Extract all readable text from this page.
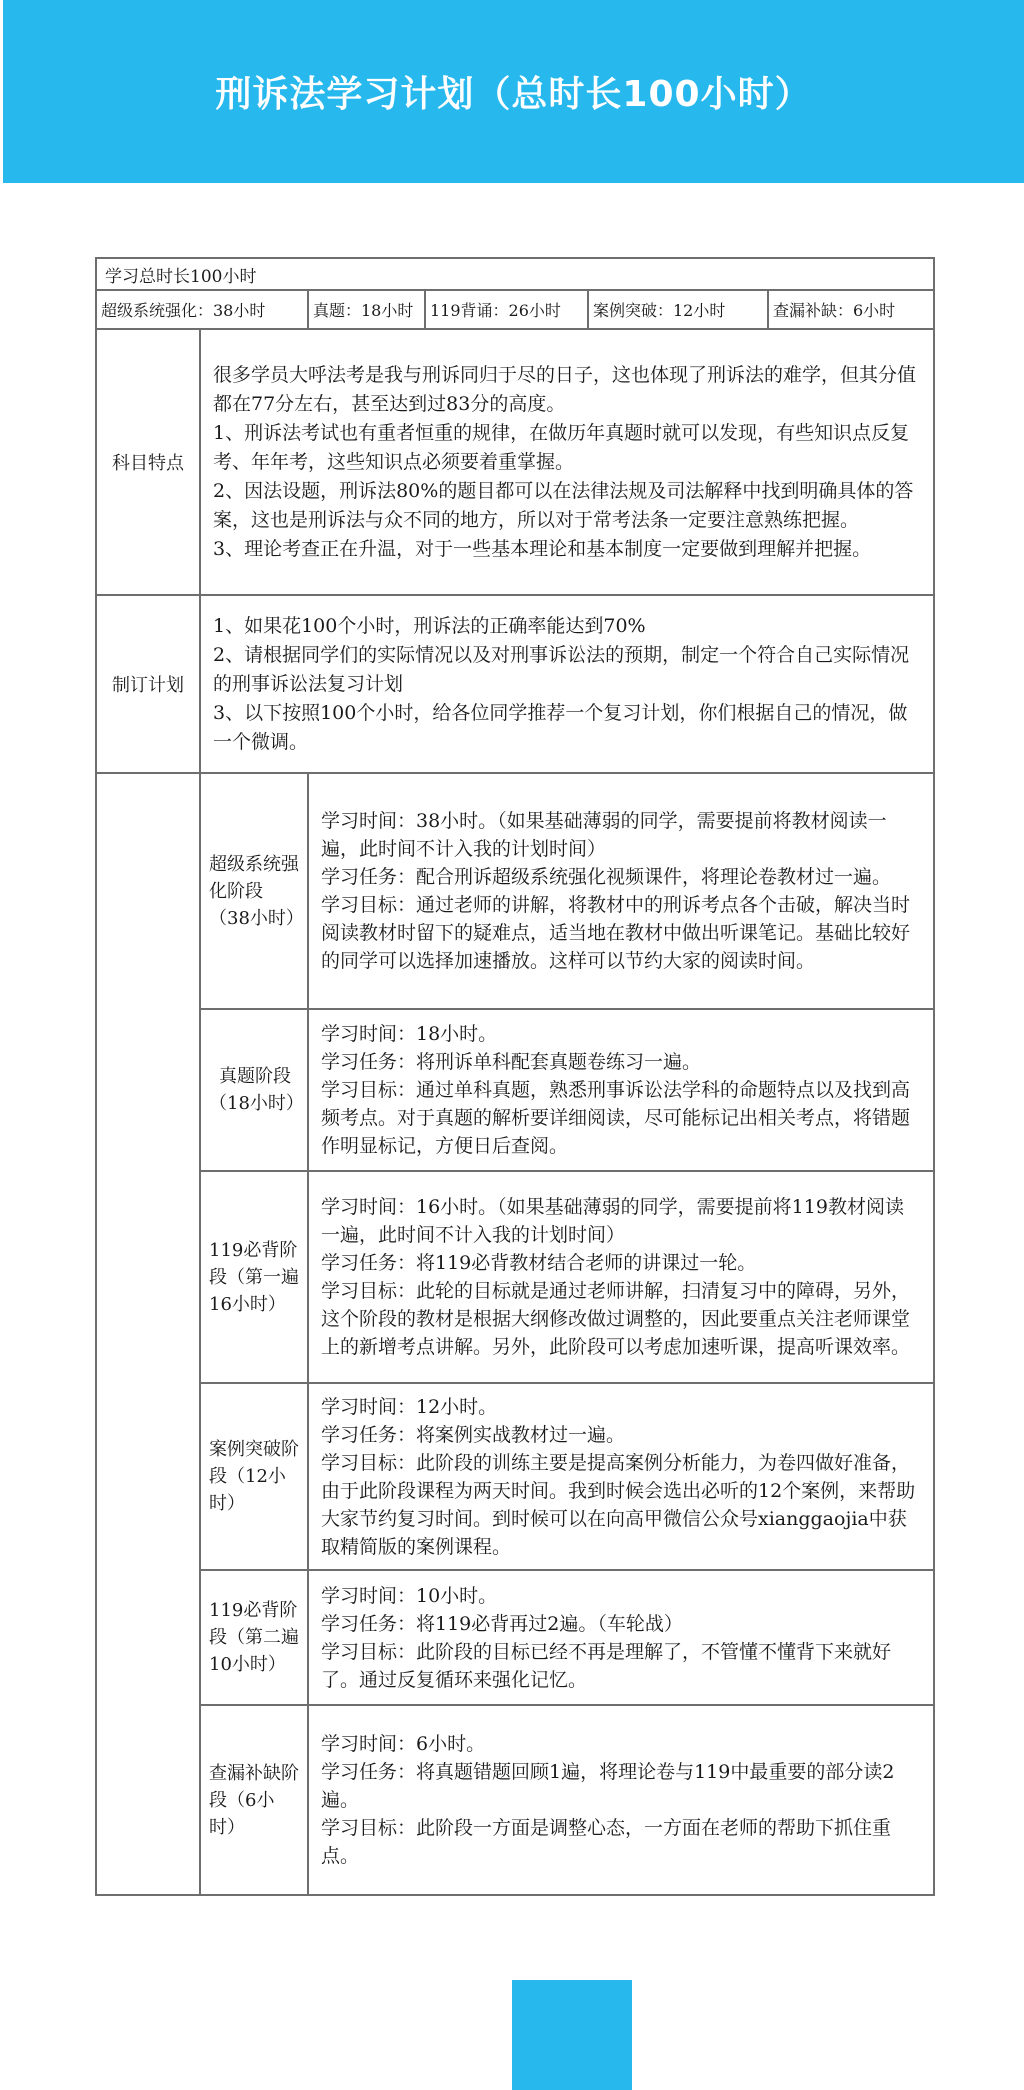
刑诉法学习计划（总时长100小时）
学习总时长100小时					
超级系统强化：38小时		真题：18小时	119背诵：26小时	案例突破：12小时	查漏补缺：6小时
科目特点	很多学员大呼法考是我与刑诉同归于尽的日子，这也体现了刑诉法的难学，但其分值都在77分左右，甚至达到过83分的高度。

1、刑诉法考试也有重者恒重的规律，在做历年真题时就可以发现，有些知识点反复考、年年考，这些知识点必须要着重掌握。

2、因法设题，刑诉法80%的题目都可以在法律法规及司法解释中找到明确具体的答案，这也是刑诉法与众不同的地方，所以对于常考法条一定要注意熟练把握。

3、理论考查正在升温，对于一些基本理论和基本制度一定要做到理解并把握。				

制订计划	1、如果花100个小时，刑诉法的正确率能达到70%

2、请根据同学们的实际情况以及对刑事诉讼法的预期，制定一个符合自己实际情况的刑事诉讼法复习计划

3、以下按照100个小时，给各位同学推荐一个复习计划，你们根据自己的情况，做一个微调。				

	超级系统强化阶段（38小时）	学习时间：38小时。（如果基础薄弱的同学，需要提前将教材阅读一遍，此时间不计入我的计划时间）

学习任务：配合刑诉超级系统强化视频课件，将理论卷教材过一遍。

学习目标：通过老师的讲解，将教材中的刑诉考点各个击破，解决当时阅读教材时留下的疑难点，适当地在教材中做出听课笔记。基础比较好的同学可以选择加速播放。这样可以节约大家的阅读时间。			

	真题阶段（18小时）	学习时间：18小时。

学习任务：将刑诉单科配套真题卷练习一遍。

学习目标：通过单科真题，熟悉刑事诉讼法学科的命题特点以及找到高频考点。对于真题的解析要详细阅读，尽可能标记出相关考点，将错题作明显标记，方便日后查阅。			

	119必背阶段（第一遍16小时）	学习时间：16小时。（如果基础薄弱的同学，需要提前将119教材阅读一遍，此时间不计入我的计划时间）

学习任务：将119必背教材结合老师的讲课过一轮。

学习目标：此轮的目标就是通过老师讲解，扫清复习中的障碍，另外，这个阶段的教材是根据大纲修改做过调整的，因此要重点关注老师课堂上的新增考点讲解。另外，此阶段可以考虑加速听课，提高听课效率。			

	案例突破阶段（12小时）	学习时间：12小时。

学习任务：将案例实战教材过一遍。

学习目标：此阶段的训练主要是提高案例分析能力，为卷四做好准备，由于此阶段课程为两天时间。我到时候会选出必听的12个案例，来帮助大家节约复习时间。到时候可以在向高甲微信公众号xianggaojia中获取精简版的案例课程。			

	119必背阶段（第二遍10小时）	学习时间：10小时。

学习任务：将119必背再过2遍。（车轮战）

学习目标：此阶段的目标已经不再是理解了，不管懂不懂背下来就好了。通过反复循环来强化记忆。			

	查漏补缺阶段（6小时）	学习时间：6小时。

学习任务：将真题错题回顾1遍，将理论卷与119中最重要的部分读2遍。

学习目标：此阶段一方面是调整心态，一方面在老师的帮助下抓住重点。			
